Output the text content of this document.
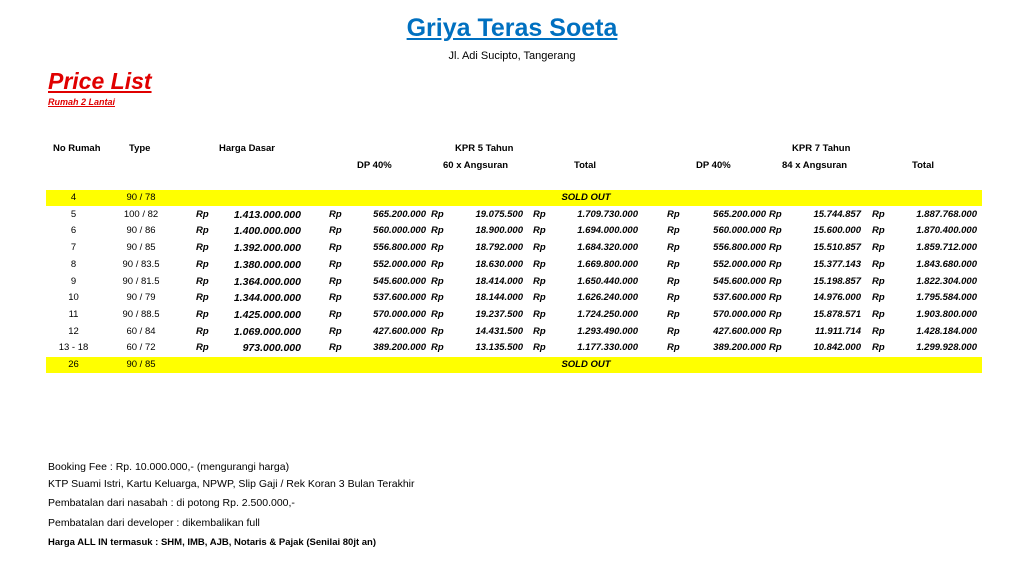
Griya Teras Soeta
Jl. Adi Sucipto, Tangerang
Price List
Rumah 2 Lantai
No Rumah	Type	Harga Dasar	KPR 5 Tahun	KPR 7 Tahun
DP 40%	60 x Angsuran	Total	DP 40%	84 x Angsuran	Total
4	90 / 78	SOLD OUT
5	100 / 82	Rp	1.413.000.000	Rp	565.200.000 Rp	19.075.500 Rp	1.709.730.000	Rp	565.200.000 Rp	15.744.857 Rp	1.887.768.000
6	90 / 86	Rp	1.400.000.000	Rp	560.000.000 Rp	18.900.000 Rp	1.694.000.000	Rp	560.000.000 Rp	15.600.000 Rp	1.870.400.000
7	90 / 85	Rp	1.392.000.000	Rp	556.800.000 Rp	18.792.000 Rp	1.684.320.000	Rp	556.800.000 Rp	15.510.857 Rp	1.859.712.000
8	90 / 83.5	Rp	1.380.000.000	Rp	552.000.000 Rp	18.630.000 Rp	1.669.800.000	Rp	552.000.000 Rp	15.377.143 Rp	1.843.680.000
9	90 / 81.5	Rp	1.364.000.000	Rp	545.600.000 Rp	18.414.000 Rp	1.650.440.000	Rp	545.600.000 Rp	15.198.857 Rp	1.822.304.000
10	90 / 79	Rp	1.344.000.000	Rp	537.600.000 Rp	18.144.000 Rp	1.626.240.000	Rp	537.600.000 Rp	14.976.000 Rp	1.795.584.000
11	90 / 88.5	Rp	1.425.000.000	Rp	570.000.000 Rp	19.237.500 Rp	1.724.250.000	Rp	570.000.000 Rp	15.878.571 Rp	1.903.800.000
12	60 / 84	Rp	1.069.000.000	Rp	427.600.000 Rp	14.431.500 Rp	1.293.490.000	Rp	427.600.000 Rp	11.911.714 Rp	1.428.184.000
13 - 18	60 / 72	Rp	973.000.000	Rp	389.200.000 Rp	13.135.500 Rp	1.177.330.000	Rp	389.200.000 Rp	10.842.000 Rp	1.299.928.000
26	90 / 85	SOLD OUT
Booking Fee : Rp. 10.000.000,- (mengurangi harga)
KTP Suami Istri, Kartu Keluarga, NPWP, Slip Gaji / Rek Koran 3 Bulan Terakhir
Pembatalan dari nasabah : di potong Rp. 2.500.000,-
Pembatalan dari developer : dikembalikan full
Harga ALL IN termasuk : SHM, IMB, AJB, Notaris & Pajak (Senilai 80jt an)
